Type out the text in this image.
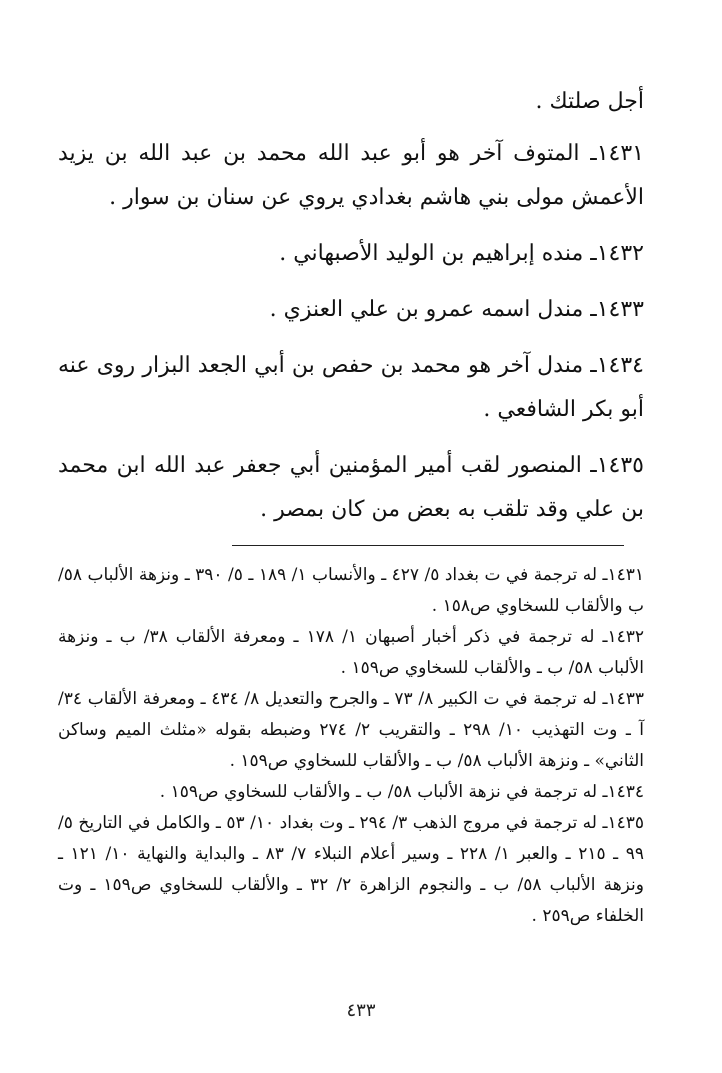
أجل صلتك .

١٤٣١ـ المتوف آخر هو أبو عبد الله محمد بن عبد الله بن يزيد الأعمش مولى بني هاشم بغدادي يروي عن سنان بن سوار .

١٤٣٢ـ منده إبراهيم بن الوليد الأصبهاني .

١٤٣٣ـ مندل اسمه عمرو بن علي العنزي .

١٤٣٤ـ مندل آخر هو محمد بن حفص بن أبي الجعد البزار روى عنه أبو بكر الشافعي .

١٤٣٥ـ المنصور لقب أمير المؤمنين أبي جعفر عبد الله ابن محمد بن علي وقد تلقب به بعض من كان بمصر .

١٤٣١ـ له ترجمة في ت بغداد ٥/ ٤٢٧ ـ والأنساب ١/ ١٨٩ ـ ٥/ ٣٩٠ ـ ونزهة الألباب ٥٨/ ب والألقاب للسخاوي ص١٥٨ .

١٤٣٢ـ له ترجمة في ذكر أخبار أصبهان ١/ ١٧٨ ـ ومعرفة الألقاب ٣٨/ ب ـ ونزهة الألباب ٥٨/ ب ـ والألقاب للسخاوي ص١٥٩ .

١٤٣٣ـ له ترجمة في ت الكبير ٨/ ٧٣ ـ والجرح والتعديل ٨/ ٤٣٤ ـ ومعرفة الألقاب ٣٤/ آ ـ وت التهذيب ١٠/ ٢٩٨ ـ والتقريب ٢/ ٢٧٤ وضبطه بقوله «مثلث الميم وساكن الثاني» ـ ونزهة الألباب ٥٨/ ب ـ والألقاب للسخاوي ص١٥٩ .

١٤٣٤ـ له ترجمة في نزهة الألباب ٥٨/ ب ـ والألقاب للسخاوي ص١٥٩ .

١٤٣٥ـ له ترجمة في مروج الذهب ٣/ ٢٩٤ ـ وت بغداد ١٠/ ٥٣ ـ والكامل في التاريخ ٥/ ٩٩ ـ ٢١٥ ـ والعبر ١/ ٢٢٨ ـ وسير أعلام النبلاء ٧/ ٨٣ ـ والبداية والنهاية ١٠/ ١٢١ ـ ونزهة الألباب ٥٨/ ب ـ والنجوم الزاهرة ٢/ ٣٢ ـ والألقاب للسخاوي ص١٥٩ ـ وت الخلفاء ص٢٥٩ .

٤٣٣
